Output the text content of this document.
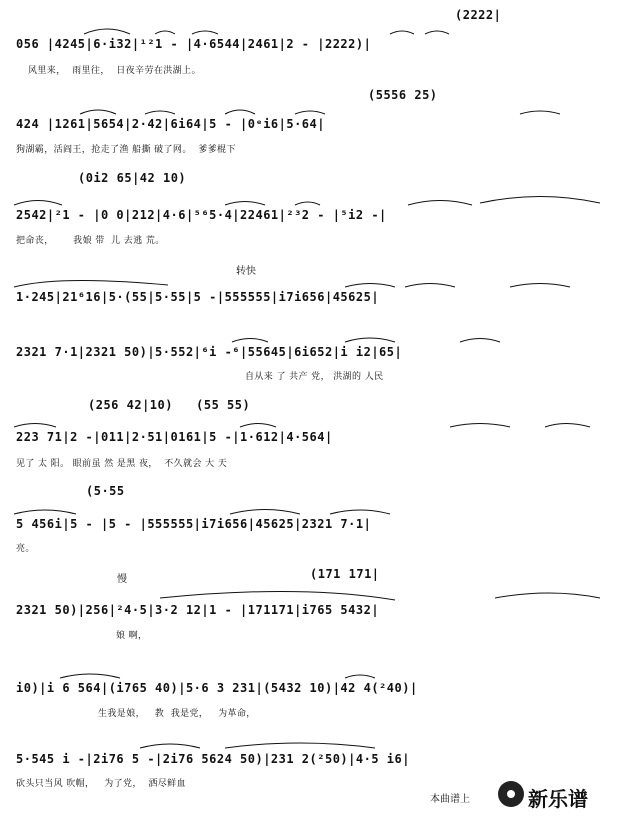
(2222|
056 |4245|6·i32|¹²1 - |4·6544|2461|2 - |2222)|
风里来，  雨里往，  日夜辛劳在洪湖上。
(5556 25)
424 |1261|5654|2·42|6i64|5 - |0ᵉi6|5·64|
狗湖霸，活阎王，抢走了渔 船撕 破了网。  爹爹棍下
(0i2 65|42 10)
2542|²1 - |0 0|212|4·6|⁵⁶5·4|22461|²³2 - |⁵i2 -|
把命丧，      我娘 带  儿 去逃 荒。
转快
1·245|21⁶16|5·(55|5·55|5 -|555555|i7i656|45625|
2321 7·1|2321 50)|5·552|⁶i -⁶|55645|6i652|i i2|65|
自从来 了 共产 党， 洪湖的 人民
(256 42|10)   (55 55)
223 71|2 -|011|2·51|0161|5 -|1·612|4·564|
见了 太 阳。 眼前虽 然 是黑 夜，  不久就会 大 天
(5·55
5 456i|5 - |5 - |555555|i7i656|45625|2321 7·1|
亮。
慢	(171 171|
2321 50)|256|²4·5|3·2 12|1 - |171171|i765 5432|
娘 啊，
i0)|i 6 564|(i765 40)|5·6 3 231|(5432 10)|42 4(²40)|
生我是娘，   教  我是党，   为革命，
5·545 i -|2i76 5 -|2i76 5624 50)|231 2(²50)|4·5 i6|
砍头只当风 吹帽，   为了党，  洒尽鲜血
本曲谱上	新乐谱
